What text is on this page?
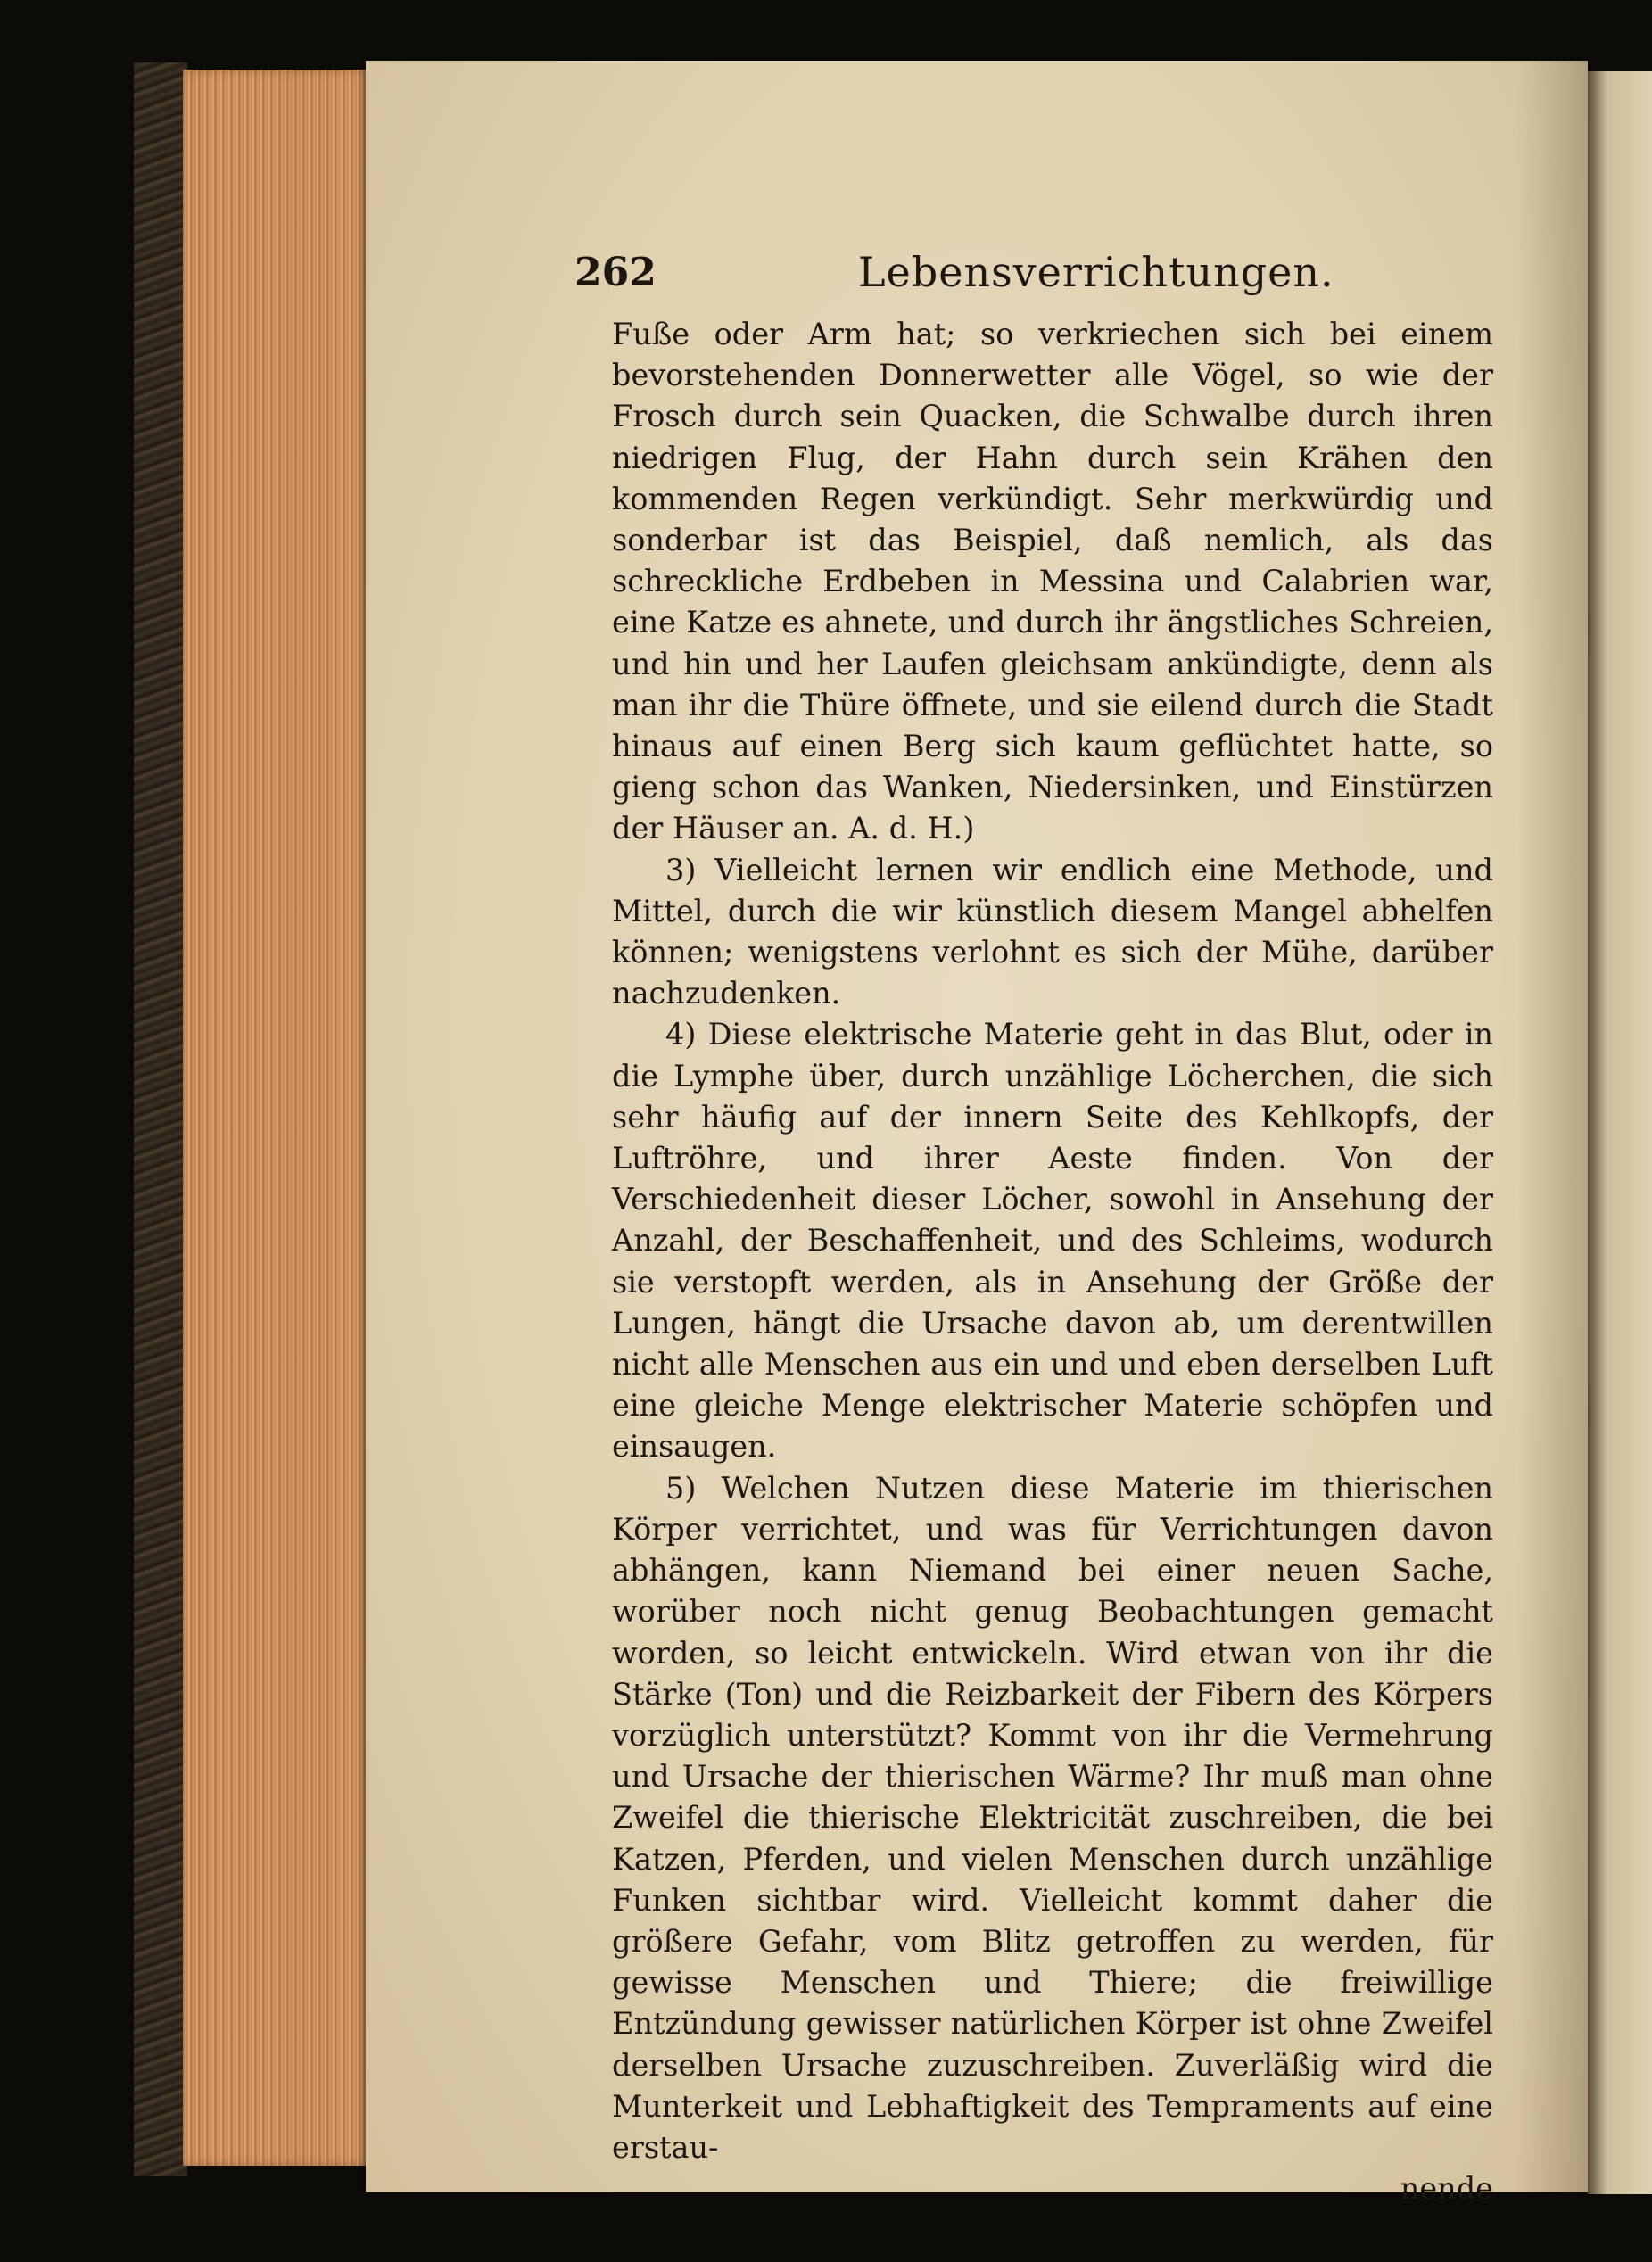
262	Lebensverrichtungen.

Fuße oder Arm hat; so verkriechen sich bei einem bevorstehenden Donnerwetter alle Vögel, so wie der Frosch durch sein Quacken, die Schwalbe durch ihren niedrigen Flug, der Hahn durch sein Krähen den kommenden Regen verkündigt. Sehr merkwürdig und sonderbar ist das Beispiel, daß nemlich, als das schreckliche Erdbeben in Messina und Calabrien war, eine Katze es ahnete, und durch ihr ängstliches Schreien, und hin und her Laufen gleichsam ankündigte, denn als man ihr die Thüre öffnete, und sie eilend durch die Stadt hinaus auf einen Berg sich kaum geflüchtet hatte, so gieng schon das Wanken, Niedersinken, und Einstürzen der Häuser an. A. d. H.)

3) Vielleicht lernen wir endlich eine Methode, und Mittel, durch die wir künstlich diesem Mangel abhelfen können; wenigstens verlohnt es sich der Mühe, darüber nachzudenken.

4) Diese elektrische Materie geht in das Blut, oder in die Lymphe über, durch unzählige Löcherchen, die sich sehr häufig auf der innern Seite des Kehlkopfs, der Luftröhre, und ihrer Aeste finden. Von der Verschiedenheit dieser Löcher, sowohl in Ansehung der Anzahl, der Beschaffenheit, und des Schleims, wodurch sie verstopft werden, als in Ansehung der Größe der Lungen, hängt die Ursache davon ab, um derentwillen nicht alle Menschen aus ein und und eben derselben Luft eine gleiche Menge elektrischer Materie schöpfen und einsaugen.

5) Welchen Nutzen diese Materie im thierischen Körper verrichtet, und was für Verrichtungen davon abhängen, kann Niemand bei einer neuen Sache, worüber noch nicht genug Beobachtungen gemacht worden, so leicht entwickeln. Wird etwan von ihr die Stärke (Ton) und die Reizbarkeit der Fibern des Körpers vorzüglich unterstützt? Kommt von ihr die Vermehrung und Ursache der thierischen Wärme? Ihr muß man ohne Zweifel die thierische Elektricität zuschreiben, die bei Katzen, Pferden, und vielen Menschen durch unzählige Funken sichtbar wird. Vielleicht kommt daher die größere Gefahr, vom Blitz getroffen zu werden, für gewisse Menschen und Thiere; die freiwillige Entzündung gewisser natürlichen Körper ist ohne Zweifel derselben Ursache zuzuschreiben. Zuverläßig wird die Munterkeit und Lebhaftigkeit des Tempraments auf eine erstau-

nende
